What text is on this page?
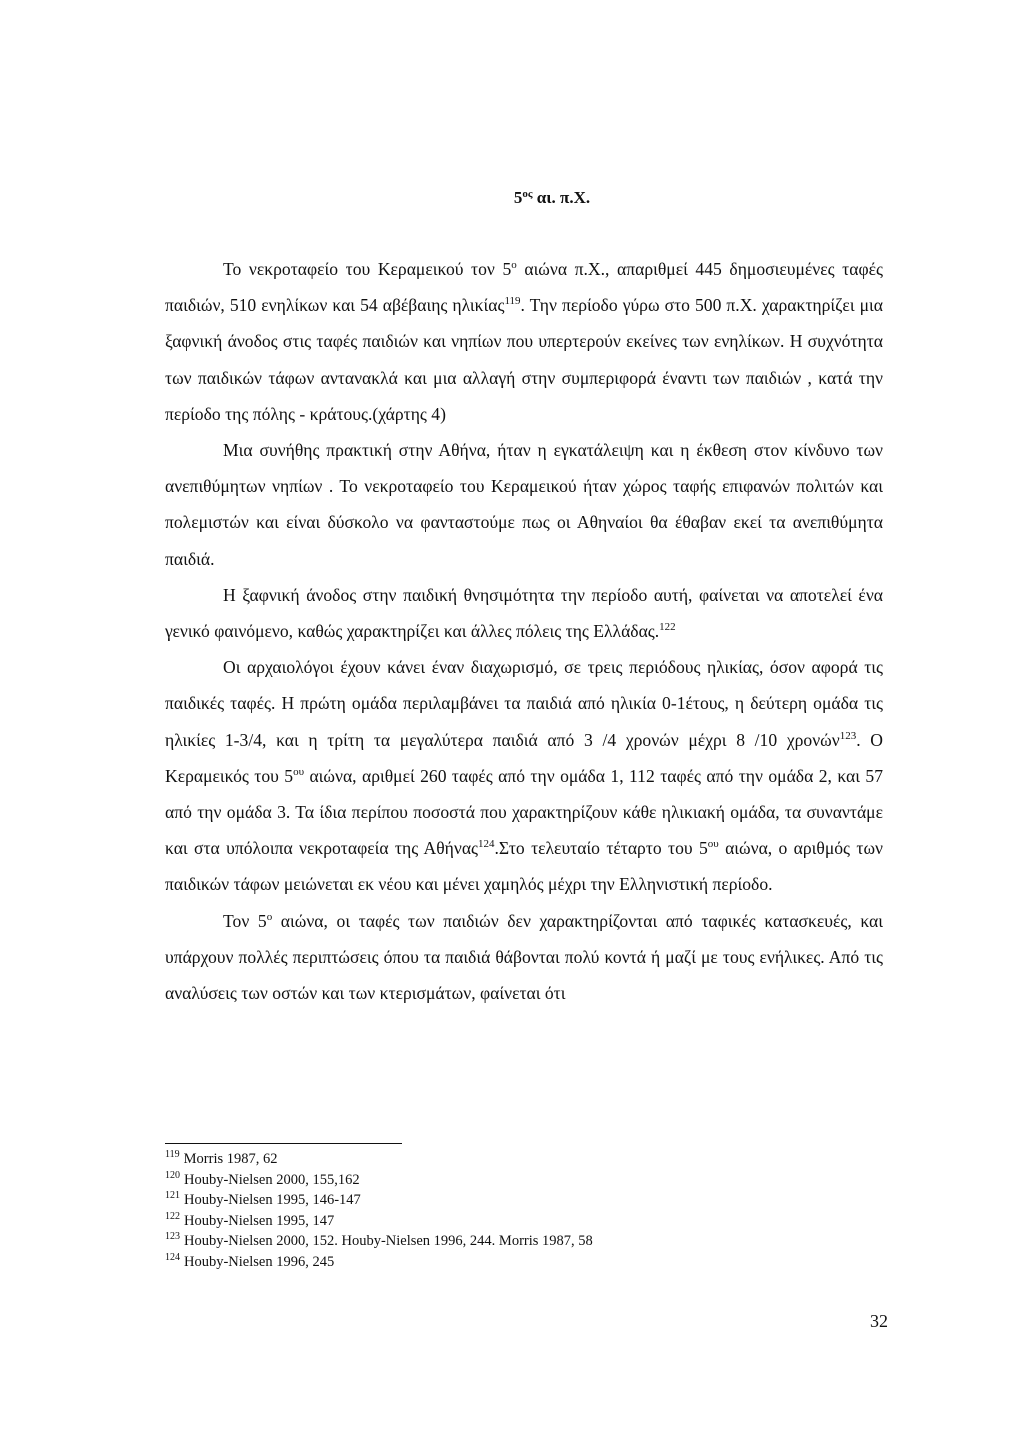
$5^{o\varsigma}$ αι. π.Χ.

Το νεκροταφείο του Κεραμεικού τον $5^o$ αιώνα π.Χ., απαριθμεί 445 δημοσιευμένες ταφές παιδιών, 510 ενηλίκων και 54 αβέβαιης ηλικίας$^{119}$. Την περίοδο γύρω στο 500 π.Χ. χαρακτηρίζει μια ξαφνική άνοδος στις ταφές παιδιών και νηπίων που υπερτερούν εκείνες των ενηλίκων. Η συχνότητα των παιδικών τάφων αντανακλά και μια αλλαγή στην συμπεριφορά έναντι των παιδιών , κατά την περίοδο της πόλης - κράτους.(χάρτης 4)

Μια συνήθης πρακτική στην Αθήνα, ήταν η εγκατάλειψη και η έκθεση στον κίνδυνο των ανεπιθύμητων νηπίων . Το νεκροταφείο του Κεραμεικού ήταν χώρος ταφής επιφανών πολιτών και πολεμιστών και είναι δύσκολο να φανταστούμε πως οι Αθηναίοι θα έθαβαν εκεί τα ανεπιθύμητα παιδιά.

Η ξαφνική άνοδος στην παιδική θνησιμότητα την περίοδο αυτή, φαίνεται να αποτελεί ένα γενικό φαινόμενο, καθώς χαρακτηρίζει και άλλες πόλεις της Ελλάδας.$^{122}$

Οι αρχαιολόγοι έχουν κάνει έναν διαχωρισμό, σε τρεις περιόδους ηλικίας, όσον αφορά τις παιδικές ταφές. Η πρώτη ομάδα περιλαμβάνει τα παιδιά από ηλικία 0-1έτους, η δεύτερη ομάδα τις ηλικίες 1-3/4, και η τρίτη τα μεγαλύτερα παιδιά από 3 /4 χρονών μέχρι 8 /10 χρονών$^{123}$. Ο Κεραμεικός του $5^{o\upsilon}$ αιώνα, αριθμεί 260 ταφές από την ομάδα 1, 112 ταφές από την ομάδα 2, και 57 από την ομάδα 3. Τα ίδια περίπου ποσοστά που χαρακτηρίζουν κάθε ηλικιακή ομάδα, τα συναντάμε και στα υπόλοιπα νεκροταφεία της Αθήνας$^{124}$.Στο τελευταίο τέταρτο του $5^{o\upsilon}$ αιώνα, ο αριθμός των παιδικών τάφων μειώνεται εκ νέου και μένει χαμηλός μέχρι την Ελληνιστική περίοδο.

Τον $5^o$ αιώνα, οι ταφές των παιδιών δεν χαρακτηρίζονται από ταφικές κατασκευές, και υπάρχουν πολλές περιπτώσεις όπου τα παιδιά θάβονται πολύ κοντά ή μαζί με τους ενήλικες. Από τις αναλύσεις των οστών και των κτερισμάτων, φαίνεται ότι

$^{119}$ Morris 1987, 62
$^{120}$ Houby-Nielsen 2000, 155,162
$^{121}$ Houby-Nielsen 1995, 146-147
$^{122}$ Houby-Nielsen 1995, 147
$^{123}$ Houby-Nielsen 2000, 152. Houby-Nielsen 1996, 244. Morris 1987, 58
$^{124}$ Houby-Nielsen 1996, 245
32
